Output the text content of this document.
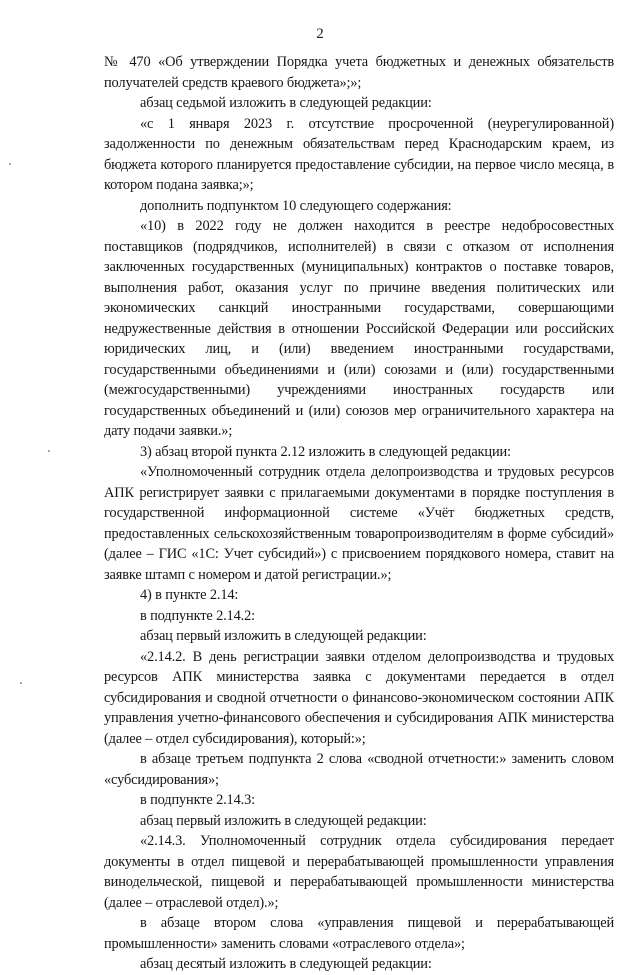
2

№ 470 «Об утверждении Порядка учета бюджетных и денежных обязательств получателей средств краевого бюджета»;»;

абзац седьмой изложить в следующей редакции:

«с 1 января 2023 г. отсутствие просроченной (неурегулированной) задолженности по денежным обязательствам перед Краснодарским краем, из бюджета которого планируется предоставление субсидии, на первое число месяца, в котором подана заявка;»;

дополнить подпунктом 10 следующего содержания:

«10) в 2022 году не должен находится в реестре недобросовестных поставщиков (подрядчиков, исполнителей) в связи с отказом от исполнения заключенных государственных (муниципальных) контрактов о поставке товаров, выполнения работ, оказания услуг по причине введения политических или экономических санкций иностранными государствами, совершающими недружественные действия в отношении Российской Федерации или российских юридических лиц, и (или) введением иностранными государствами, государственными объединениями и (или) союзами и (или) государственными (межгосударственными) учреждениями иностранных государств или государственных объединений и (или) союзов мер ограничительного характера на дату подачи заявки.»;

3) абзац второй пункта 2.12 изложить в следующей редакции:

«Уполномоченный сотрудник отдела делопроизводства и трудовых ресурсов АПК регистрирует заявки с прилагаемыми документами в порядке поступления в государственной информационной системе «Учёт бюджетных средств, предоставленных сельскохозяйственным товаропроизводителям в форме субсидий» (далее – ГИС «1С: Учет субсидий») с присвоением порядкового номера, ставит на заявке штамп с номером и датой регистрации.»;

4) в пункте 2.14:

в подпункте 2.14.2:

абзац первый изложить в следующей редакции:

«2.14.2. В день регистрации заявки отделом делопроизводства и трудовых ресурсов АПК министерства заявка с документами передается в отдел субсидирования и сводной отчетности о финансово-экономическом состоянии АПК управления учетно-финансового обеспечения и субсидирования АПК министерства (далее – отдел субсидирования), который:»;

в абзаце третьем подпункта 2 слова «сводной отчетности:» заменить словом «субсидирования»;

в подпункте 2.14.3:

абзац первый изложить в следующей редакции:

«2.14.3. Уполномоченный сотрудник отдела субсидирования передает документы в отдел пищевой и перерабатывающей промышленности управления винодельческой, пищевой и перерабатывающей промышленности министерства (далее – отраслевой отдел).»;

в абзаце втором слова «управления пищевой и перерабатывающей промышленности» заменить словами «отраслевого отдела»;

абзац десятый изложить в следующей редакции:
